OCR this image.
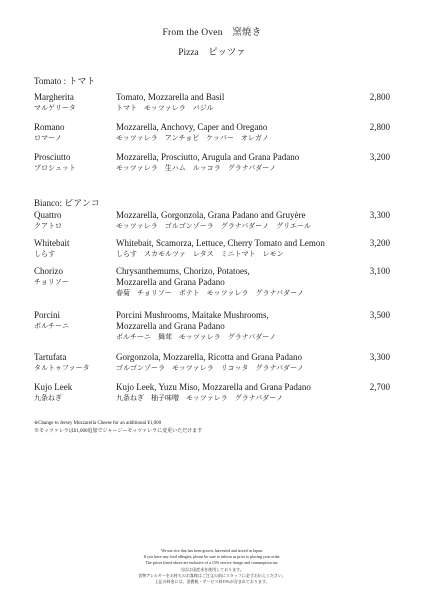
From the Oven　窯焼き
Pizza　ピッツァ
Tomato : トマト
Margherita
マルゲリータ
Tomato, Mozzarella and Basil
トマト　モッツァレラ　バジル
2,800
Romano
ロマーノ
Mozzarella, Anchovy, Caper and Oregano
モッツァレラ　アンチョビ　ケッパー　オレガノ
2,800
Prosciutto
プロシュット
Mozzarella, Prosciutto, Arugula and Grana Padano
モッツァレラ　生ハム　ルッコラ　グラナパダーノ
3,200
Bianco: ビアンコ
Quattro
クアトロ
Mozzarella, Gorgonzola, Grana Padano and Gruyère
モッツァレラ　ゴルゴンゾーラ　グラナパダーノ　グリエール
3,300
Whitebait
しらす
Whitebait, Scamorza, Lettuce, Cherry Tomato and Lemon
しらす　スカモルツァ　レタス　ミニトマト　レモン
3,200
Chorizo
チョリソー
Chrysanthemums, Chorizo, Potatoes,
Mozzarella and Grana Padano
春菊　チョリソー　ポテト　モッツァレラ　グラナパダーノ
3,100
Porcini
ポルチーニ
Porcini Mushrooms, Maitake Mushrooms,
Mozzarella and Grana Padano
ポルチーニ　舞茸　モッツァレラ　グラナパダーノ
3,500
Tartufata
タルトゥファータ
Gorgonzola, Mozzarella, Ricotta and Grana Padano
ゴルゴンゾーラ　モッツァレラ　リコッタ　グラナパダーノ
3,300
Kujo Leek
九条ねぎ
Kujo Leek, Yuzu Miso, Mozzarella and Grana Padano
九条ねぎ　柚子味噌　モッツァレラ　グラナパダーノ
2,700
※Change to Jersey Mozzarella Cheese for an additional ¥1,000
※モッツァレラは¥1,000追加でジャージーモッツァレラに変更いただけます
We use rice that has been grown, harvested and stored in Japan.
If you have any food allergies, please be sure to inform us prior to placing your order.
The prices listed above are inclusive of a 15% service charge and consumption tax.
当店は国産米を使用しております。
食物アレルギーをお持ちのお客様はご注文の前にスタッフに必ずお伝えください。
上記の料金には、消費税・サービス料15%が含まれております。
